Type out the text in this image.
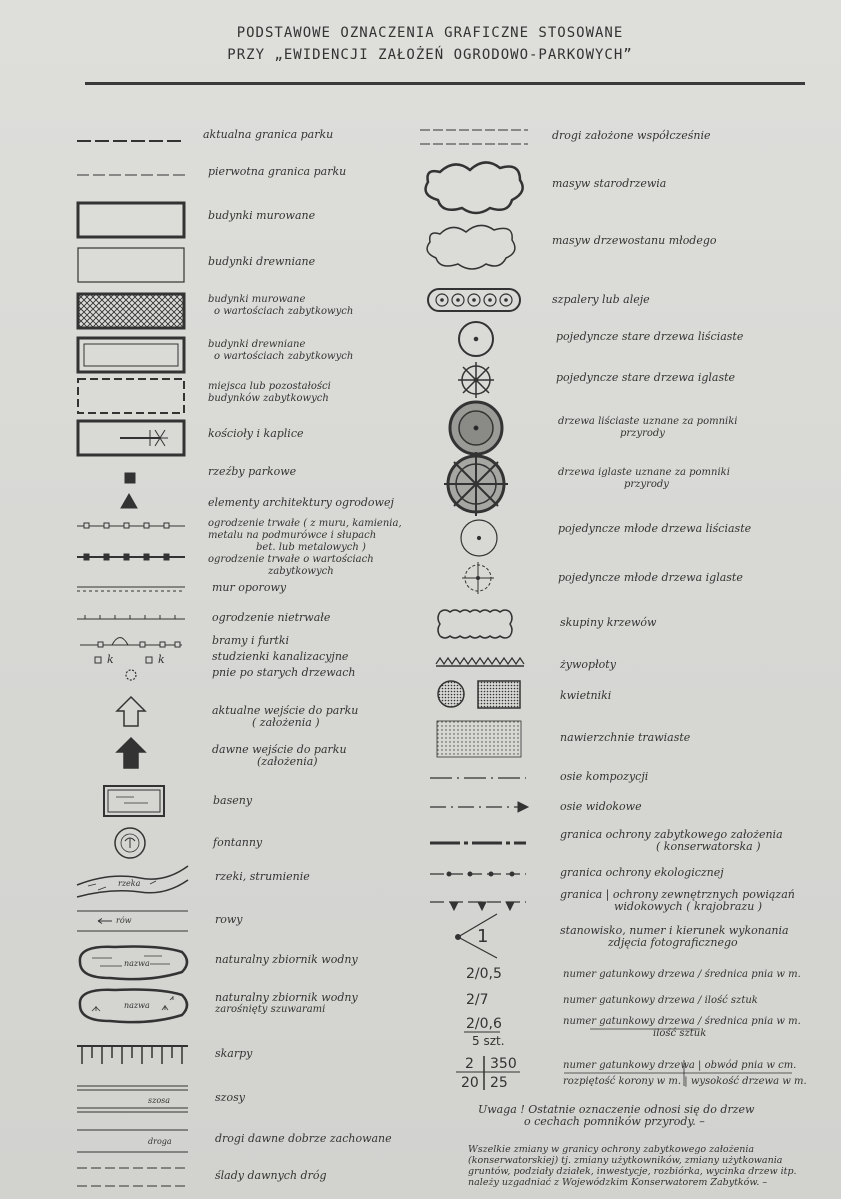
PODSTAWOWE OZNACZENIA GRAFICZNE STOSOWANE
PRZY „EWIDENCJI ZAŁOŻEŃ OGRODOWO-PARKOWYCH”
aktualna granica parku
pierwotna granica parku
budynki murowane
budynki drewniane
budynki murowane
o wartościach zabytkowych
budynki drewniane
o wartościach zabytkowych
miejsca lub pozostałości
budynków zabytkowych
kościoły i kaplice
rzeźby parkowe
elementy architektury ogrodowej
ogrodzenie trwałe ( z muru, kamienia,
metalu na podmurówce i słupach
bet. lub metalowych )
ogrodzenie trwałe o wartościach
zabytkowych
mur oporowy
ogrodzenie nietrwałe
bramy i furtki
studzienki kanalizacyjne
pnie po starych drzewach
k	k
aktualne wejście do parku
( założenia )
dawne wejście do parku
(założenia)
baseny
fontanny
rzeki, strumienie
rzeka
rowy
rów
naturalny zbiornik wodny
nazwa
naturalny zbiornik wodny
zarośnięty szuwarami
nazwa
skarpy
szosy
szosa
drogi dawne dobrze zachowane
droga
ślady dawnych dróg
drogi założone współcześnie
masyw starodrzewia
masyw drzewostanu młodego
szpalery lub aleje
pojedyncze stare drzewa liściaste
pojedyncze stare drzewa iglaste
drzewa liściaste uznane za pomniki
przyrody
drzewa iglaste uznane za pomniki
przyrody
pojedyncze młode drzewa liściaste
pojedyncze młode drzewa iglaste
skupiny krzewów
żywopłoty
kwietniki
nawierzchnie trawiaste
osie kompozycji
osie widokowe
granica ochrony zabytkowego założenia
( konserwatorska )
granica ochrony ekologicznej
granica | ochrony zewnętrznych powiązań
widokowych ( krajobrazu )
1	stanowisko, numer i kierunek wykonania
zdjęcia fotograficznego
2/0,5	numer gatunkowy drzewa / średnica pnia w m.
2/7	numer gatunkowy drzewa / ilość sztuk
2/0,6
5 szt.
numer gatunkowy drzewa / średnica pnia w m.
ilość sztuk
2 350
20 25
numer gatunkowy drzewa | obwód pnia w cm.
rozpiętość korony w m. | wysokość drzewa w m.
Uwaga ! Ostatnie oznaczenie odnosi się do drzew
o cechach pomników przyrody. –
Wszelkie zmiany w granicy ochrony zabytkowego założenia
(konserwatorskiej) tj. zmiany użytkowników, zmiany użytkowania
gruntów, podziały działek, inwestycje, rozbiórka, wycinka drzew itp.
należy uzgadniać z Wojewódzkim Konserwatorem Zabytków. –
